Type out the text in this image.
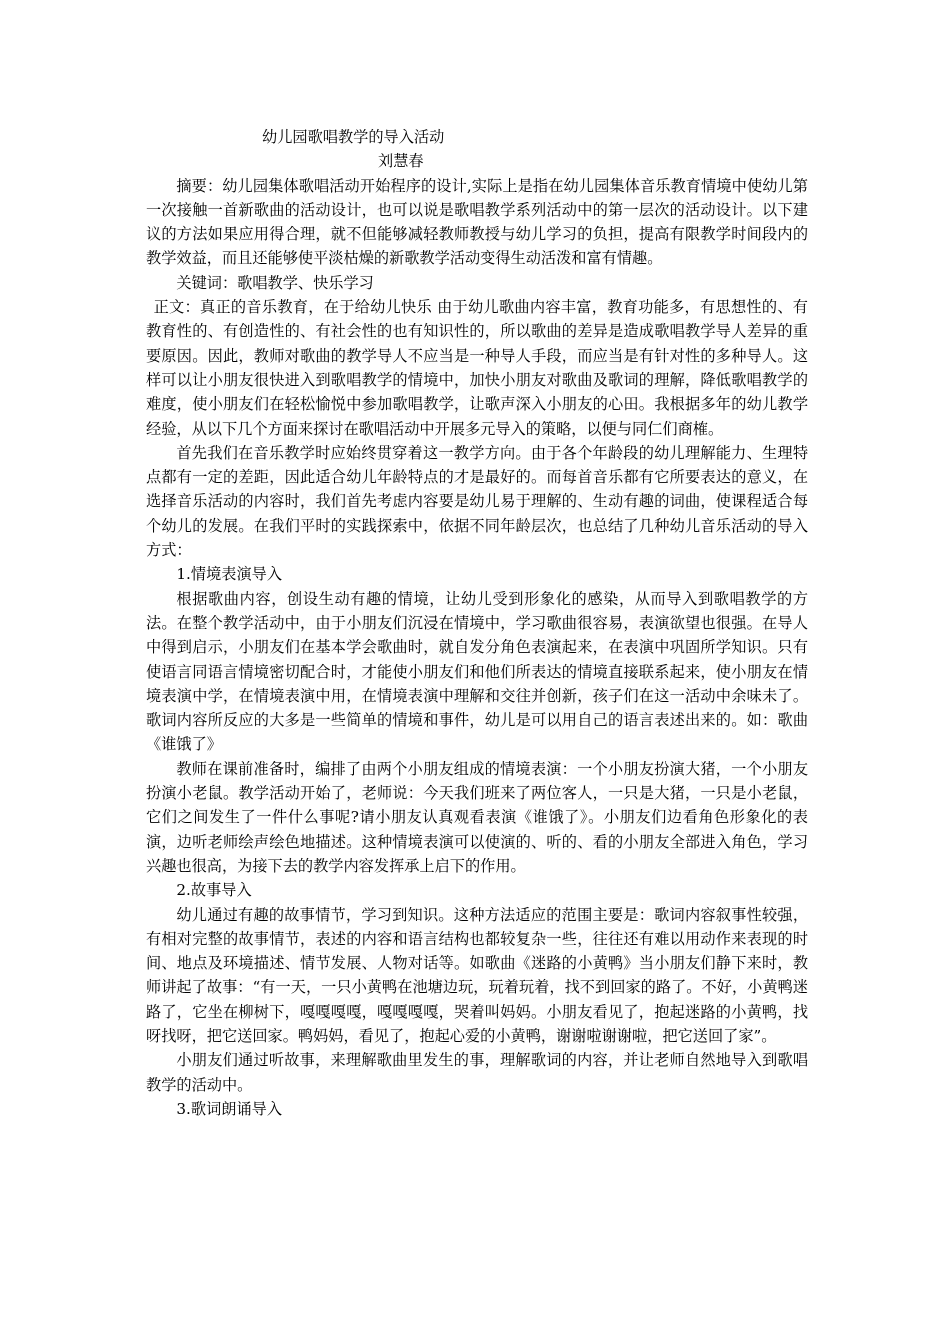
幼儿园歌唱教学的导入活动

刘慧春

摘要：幼儿园集体歌唱活动开始程序的设计,实际上是指在幼儿园集体音乐教育情境中使幼儿第一次接触一首新歌曲的活动设计，也可以说是歌唱教学系列活动中的第一层次的活动设计。以下建议的方法如果应用得合理，就不但能够减轻教师教授与幼儿学习的负担，提高有限教学时间段内的教学效益，而且还能够使平淡枯燥的新歌教学活动变得生动活泼和富有情趣。

关键词：歌唱教学、快乐学习

正文：真正的音乐教育，在于给幼儿快乐 由于幼儿歌曲内容丰富，教育功能多，有思想性的、有教育性的、有创造性的、有社会性的也有知识性的，所以歌曲的差异是造成歌唱教学导人差异的重要原因。因此，教师对歌曲的教学导人不应当是一种导人手段，而应当是有针对性的多种导人。这样可以让小朋友很快进入到歌唱教学的情境中，加快小朋友对歌曲及歌词的理解，降低歌唱教学的难度，使小朋友们在轻松愉悦中参加歌唱教学，让歌声深入小朋友的心田。我根据多年的幼儿教学经验，从以下几个方面来探讨在歌唱活动中开展多元导入的策略，以便与同仁们商榷。

首先我们在音乐教学时应始终贯穿着这一教学方向。由于各个年龄段的幼儿理解能力、生理特点都有一定的差距，因此适合幼儿年龄特点的才是最好的。而每首音乐都有它所要表达的意义，在选择音乐活动的内容时，我们首先考虑内容要是幼儿易于理解的、生动有趣的词曲，使课程适合每个幼儿的发展。在我们平时的实践探索中，依据不同年龄层次，也总结了几种幼儿音乐活动的导入方式：

1.情境表演导入

根据歌曲内容，创设生动有趣的情境，让幼儿受到形象化的感染，从而导入到歌唱教学的方法。在整个教学活动中，由于小朋友们沉浸在情境中，学习歌曲很容易，表演欲望也很强。在导人中得到启示，小朋友们在基本学会歌曲时，就自发分角色表演起来，在表演中巩固所学知识。只有使语言同语言情境密切配合时，才能使小朋友们和他们所表达的情境直接联系起来，使小朋友在情境表演中学，在情境表演中用，在情境表演中理解和交往并创新，孩子们在这一活动中余味未了。歌词内容所反应的大多是一些简单的情境和事件，幼儿是可以用自己的语言表述出来的。如：歌曲《谁饿了》

教师在课前准备时，编排了由两个小朋友组成的情境表演：一个小朋友扮演大猪，一个小朋友扮演小老鼠。教学活动开始了，老师说：今天我们班来了两位客人，一只是大猪，一只是小老鼠，它们之间发生了一件什么事呢?请小朋友认真观看表演《谁饿了》。小朋友们边看角色形象化的表演，边听老师绘声绘色地描述。这种情境表演可以使演的、听的、看的小朋友全部进入角色，学习兴趣也很高，为接下去的教学内容发挥承上启下的作用。

2.故事导入

幼儿通过有趣的故事情节，学习到知识。这种方法适应的范围主要是：歌词内容叙事性较强，有相对完整的故事情节，表述的内容和语言结构也都较复杂一些，往往还有难以用动作来表现的时间、地点及环境描述、情节发展、人物对话等。如歌曲《迷路的小黄鸭》当小朋友们静下来时，教师讲起了故事：“有一天，一只小黄鸭在池塘边玩，玩着玩着，找不到回家的路了。不好，小黄鸭迷路了，它坐在柳树下，嘎嘎嘎嘎，嘎嘎嘎嘎，哭着叫妈妈。小朋友看见了，抱起迷路的小黄鸭，找呀找呀，把它送回家。鸭妈妈，看见了，抱起心爱的小黄鸭，谢谢啦谢谢啦，把它送回了家”。

小朋友们通过听故事，来理解歌曲里发生的事，理解歌词的内容，并让老师自然地导入到歌唱教学的活动中。

3.歌词朗诵导入
